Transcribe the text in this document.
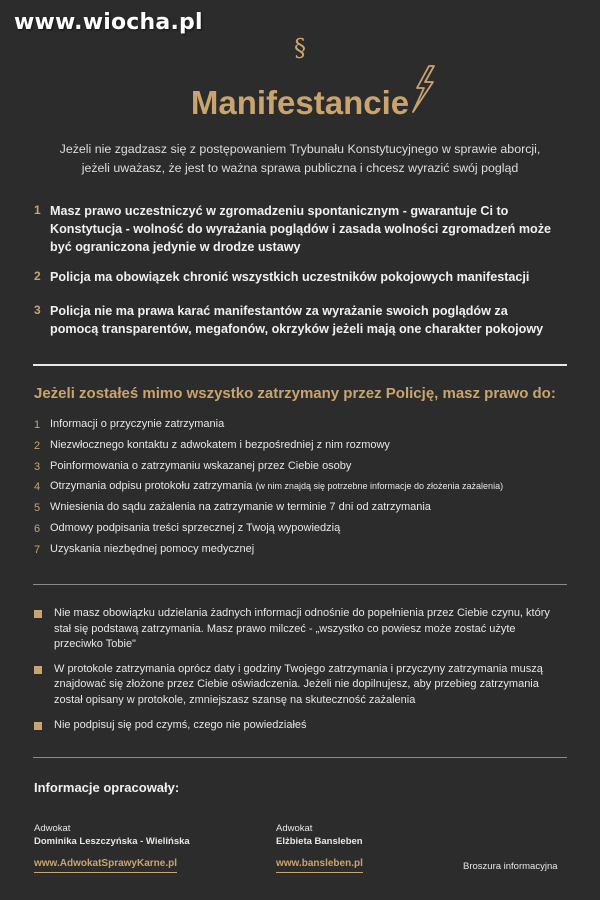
www.wiocha.pl
§
Manifestancie
Jeżeli nie zgadzasz się z postępowaniem Trybunału Konstytucyjnego w sprawie aborcji,
jeżeli uważasz, że jest to ważna sprawa publiczna i chcesz wyrazić swój pogląd
1 Masz prawo uczestniczyć w zgromadzeniu spontanicznym - gwarantuje Ci to
Konstytucja - wolność do wyrażania poglądów i zasada wolności zgromadzeń może
być ograniczona jedynie w drodze ustawy
2 Policja ma obowiązek chronić wszystkich uczestników pokojowych manifestacji
3 Policja nie ma prawa karać manifestantów za wyrażanie swoich poglądów za
pomocą transparentów, megafonów, okrzyków jeżeli mają one charakter pokojowy
Jeżeli zostałeś mimo wszystko zatrzymany przez Policję, masz prawo do:
1 Informacji o przyczynie zatrzymania
2 Niezwłocznego kontaktu z adwokatem i bezpośredniej z nim rozmowy
3 Poinformowania o zatrzymaniu wskazanej przez Ciebie osoby
4 Otrzymania odpisu protokołu zatrzymania (w nim znajdą się potrzebne informacje do złożenia zażalenia)
5 Wniesienia do sądu zażalenia na zatrzymanie w terminie 7 dni od zatrzymania
6 Odmowy podpisania treści sprzecznej z Twoją wypowiedzią
7 Uzyskania niezbędnej pomocy medycznej
Nie masz obowiązku udzielania żadnych informacji odnośnie do popełnienia przez Ciebie czynu, który
stał się podstawą zatrzymania. Masz prawo milczeć - „wszystko co powiesz może zostać użyte
przeciwko Tobie"
W protokole zatrzymania oprócz daty i godziny Twojego zatrzymania i przyczyny zatrzymania muszą
znajdować się złożone przez Ciebie oświadczenia. Jeżeli nie dopilnujesz, aby przebieg zatrzymania
został opisany w protokole, zmniejszasz szansę na skuteczność zażalenia
Nie podpisuj się pod czymś, czego nie powiedziałeś
Informacje opracowały:
Adwokat
Dominika Leszczyńska - Wielińska
Adwokat
Elżbieta Bansleben
www.AdwokatSprawyKarne.pl	www.bansleben.pl	Broszura informacyjna
